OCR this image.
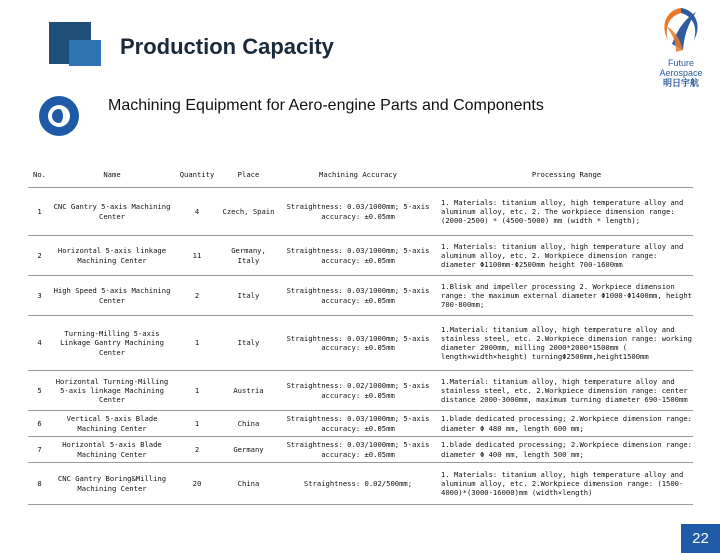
Production Capacity
Future Aerospace
明日宇航
Machining Equipment for Aero-engine Parts and Components
No.	Name	Quantity	Place	Machining Accuracy	Processing Range
1	CNC Gantry 5-axis Machining Center	4	Czech, Spain	Straightness: 0.03/1000mm; 5-axis accuracy: ±0.05mm	1. Materials: titanium alloy, high temperature alloy and aluminum alloy, etc. 2. The workpiece dimension range: (2000-2500) * (4500-5000) mm (width * length);
2	Horizontal 5-axis linkage Machining Center	11	Germany, Italy	Straightness: 0.03/1000mm; 5-axis accuracy: ±0.05mm	1. Materials: titanium alloy, high temperature alloy and aluminum alloy, etc. 2. Workpiece dimension range: diameter Φ1100mm-Φ2500mm height 700-1600mm
3	High Speed 5-axis Machining Center	2	Italy	Straightness: 0.03/1000mm; 5-axis accuracy: ±0.05mm	1.Blisk and impeller processing 2. Workpiece dimension range: the maximum external diameter Φ1000-Φ1400mm, height 700-800mm;
4	Turning-Milling 5-axis Linkage Gantry Machining Center	1	Italy	Straightness: 0.03/1000mm; 5-axis accuracy: ±0.05mm	1.Material: titanium alloy, high temperature alloy and stainless steel, etc. 2.Workpiece dimension range: working diameter 2000mm, milling 2000*2000*1500mm ( length×width×height) turningΦ2500mm,height1500mm
5	Horizontal Turning-Milling 5-axis linkage Machining Center	1	Austria	Straightness: 0.02/1000mm; 5-axis accuracy: ±0.05mm	1.Material: titanium alloy, high temperature alloy and stainless steel, etc. 2.Workpiece dimension range: center distance 2000-3000mm, maximum turning diameter 690-1500mm
6	Vertical 5-axis Blade Machining Center	1	China	Straightness: 0.03/1000mm; 5-axis accuracy: ±0.05mm	1.blade dedicated processing; 2.Workpiece dimension range: diameter Φ 480 mm, length 600 mm;
7	Horizontal 5-axis Blade Machining Center	2	Germany	Straightness: 0.03/1000mm; 5-axis accuracy: ±0.05mm	1.blade dedicated processing; 2.Workpiece dimension range: diameter Φ 400 mm, length 500 mm;
8	CNC Gantry Boring&Milling Machining Center	20	China	Straightness: 0.02/500mm;	1. Materials: titanium alloy, high temperature alloy and aluminum alloy, etc. 2.Workpiece dimension range: (1500-4000)*(3000-16000)mm (width×length)
22
